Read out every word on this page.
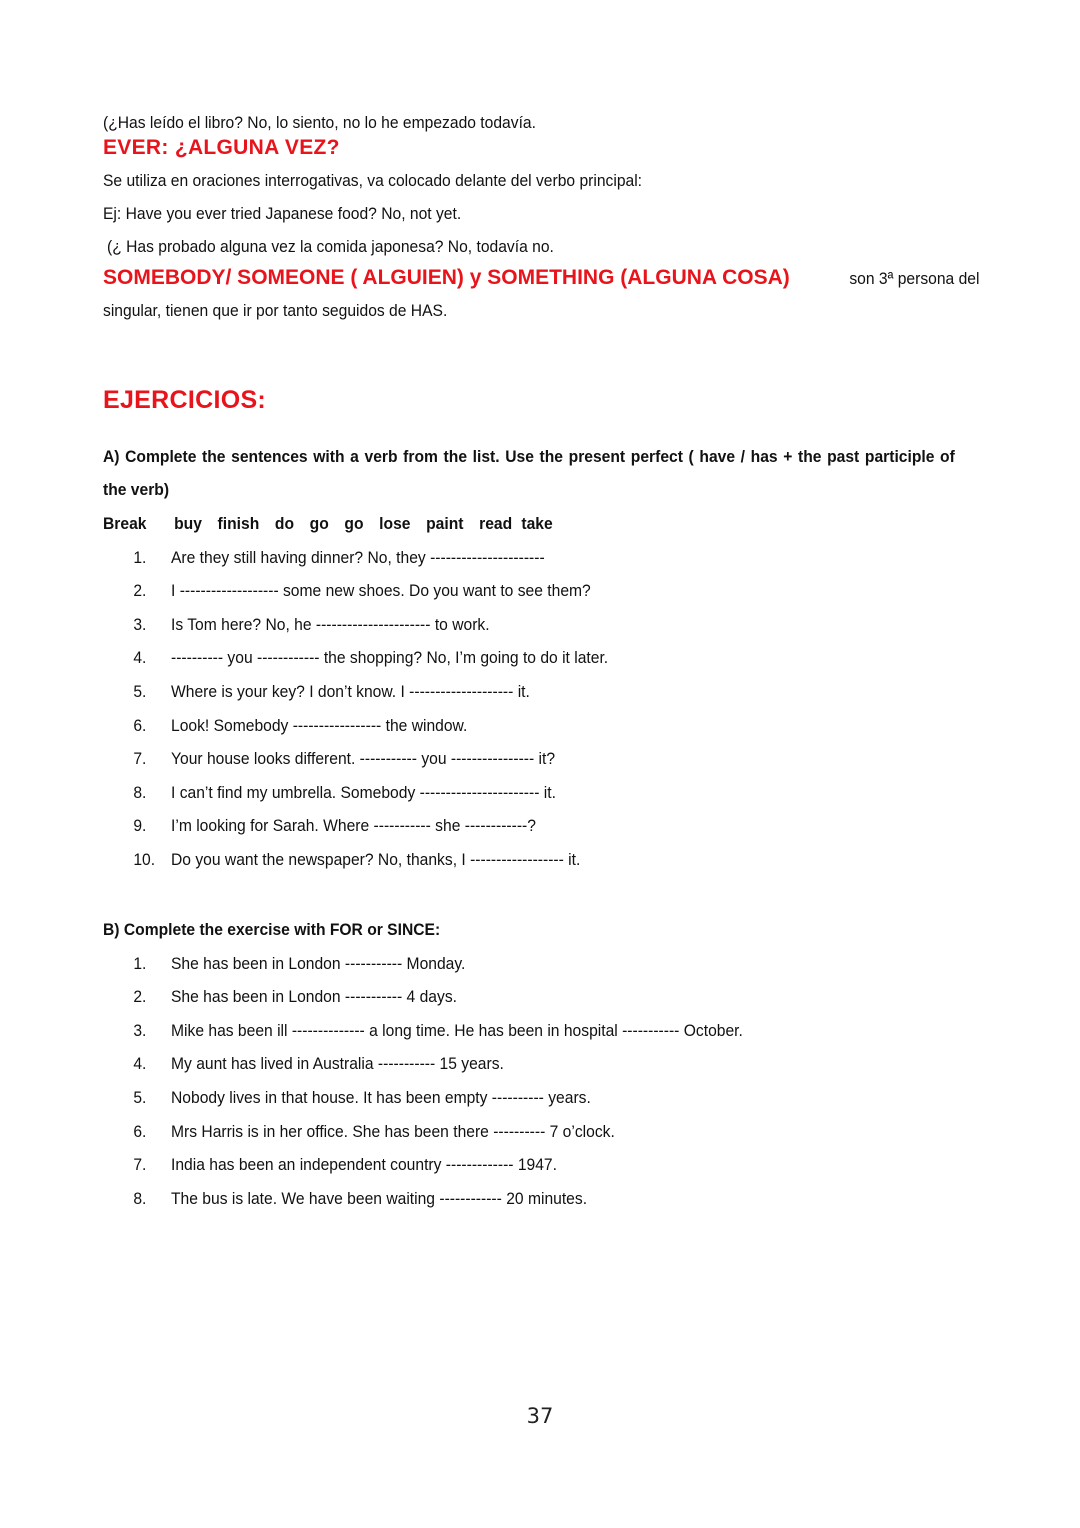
(¿Has leído el libro? No, lo siento, no lo he empezado todavía.

EVER: ¿ALGUNA VEZ?

Se utiliza en oraciones interrogativas, va colocado delante del verbo principal:

Ej: Have you ever tried Japanese food? No, not yet.

(¿ Has probado alguna vez la comida japonesa? No, todavía no.

SOMEBODY/ SOMEONE ( ALGUIEN) y SOMETHING (ALGUNA COSA)	son 3ª persona del

singular, tienen que ir por tanto seguidos de HAS.

EJERCICIOS:

A) Complete the sentences with a verb from the list. Use the present perfect ( have / has + the past participle of

the verb)

Break buy finish do go go lose paint read take
1.	Are they still having dinner? No, they ----------------------
2.	I ------------------- some new shoes. Do you want to see them?
3.	Is Tom here? No, he ---------------------- to work.
4.	---------- you ------------ the shopping? No, I’m going to do it later.
5.	Where is your key? I don’t know. I -------------------- it.
6.	Look! Somebody ----------------- the window.
7.	Your house looks different. ----------- you ---------------- it?
8.	I can’t find my umbrella. Somebody ----------------------- it.
9.	I’m looking for Sarah. Where ----------- she ------------?
10. Do you want the newspaper? No, thanks, I ------------------ it.

B) Complete the exercise with FOR or SINCE:

1.	She has been in London ----------- Monday.
2.	She has been in London ----------- 4 days.
3.	Mike has been ill -------------- a long time. He has been in hospital ----------- October.
4.	My aunt has lived in Australia ----------- 15 years.
5.	Nobody lives in that house. It has been empty ---------- years.
6.	Mrs Harris is in her office. She has been there ---------- 7 o’clock.
7.	India has been an independent country ------------- 1947.
8.	The bus is late. We have been waiting ------------ 20 minutes.
37
